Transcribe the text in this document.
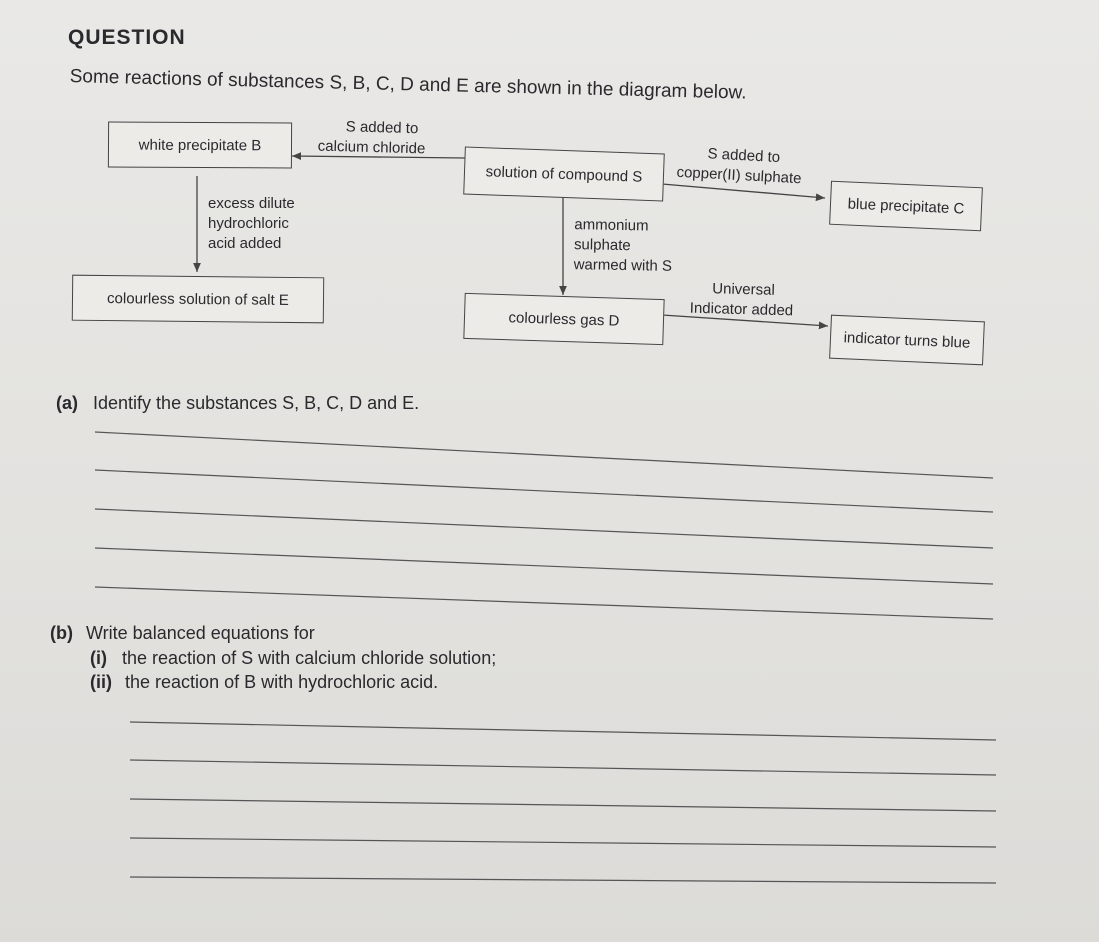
QUESTION
Some reactions of substances S, B, C, D and E are shown in the diagram below.
white precipitate B
solution of compound S
blue precipitate C
colourless solution of salt E
colourless gas D
indicator turns blue
S added to
calcium chloride	S added to
copper(II) sulphate
excess dilute
hydrochloric
acid added
ammonium
sulphate
warmed with S
Universal
Indicator added
(a) Identify the substances S, B, C, D and E.
(b) Write balanced equations for
(i) the reaction of S with calcium chloride solution;
(ii) the reaction of B with hydrochloric acid.
